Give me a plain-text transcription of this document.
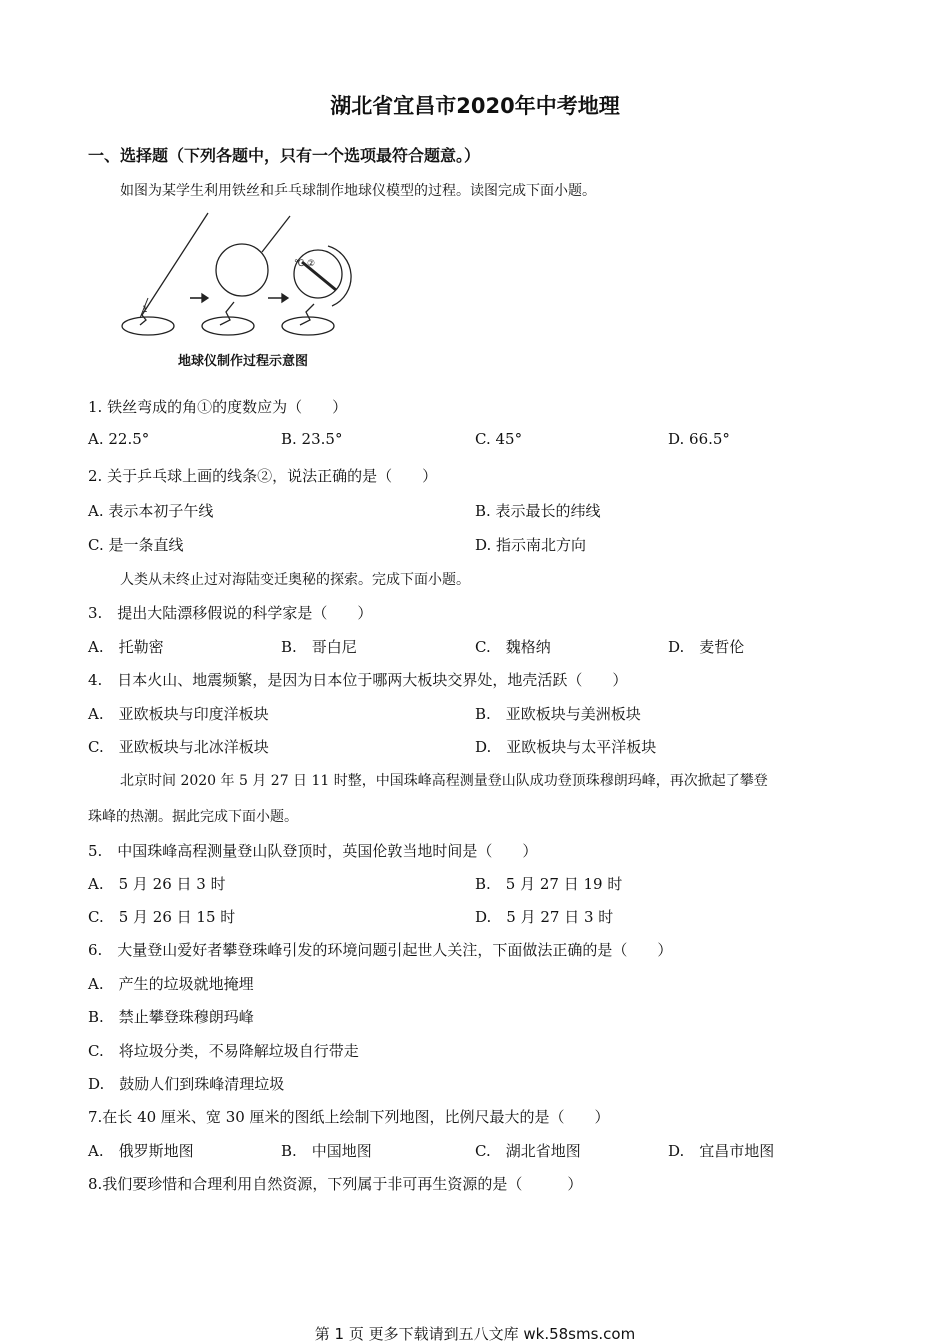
湖北省宜昌市2020年中考地理
一、选择题（下列各题中，只有一个选项最符合题意。）
如图为某学生利用铁丝和乒乓球制作地球仪模型的过程。读图完成下面小题。
1
℃ ②
地球仪制作过程示意图
1. 铁丝弯成的角①的度数应为（　　）
A. 22.5°	B. 23.5°	C. 45°	D. 66.5°
2. 关于乒乓球上画的线条②，说法正确的是（　　）
A. 表示本初子午线	B. 表示最长的纬线
C. 是一条直线	D. 指示南北方向
人类从未终止过对海陆变迁奥秘的探索。完成下面小题。
3.　提出大陆漂移假说的科学家是（　　）
A.　托勒密	B.　哥白尼	C.　魏格纳	D.　麦哲伦
4.　日本火山、地震频繁，是因为日本位于哪两大板块交界处，地壳活跃（　　）
A.　亚欧板块与印度洋板块	B.　亚欧板块与美洲板块
C.　亚欧板块与北冰洋板块	D.　亚欧板块与太平洋板块
北京时间 2020 年 5 月 27 日 11 时整，中国珠峰高程测量登山队成功登顶珠穆朗玛峰，再次掀起了攀登
珠峰的热潮。据此完成下面小题。
5.　中国珠峰高程测量登山队登顶时，英国伦敦当地时间是（　　）
A.　5 月 26 日 3 时	B.　5 月 27 日 19 时
C.　5 月 26 日 15 时	D.　5 月 27 日 3 时
6.　大量登山爱好者攀登珠峰引发的环境问题引起世人关注，下面做法正确的是（　　）
A.　产生的垃圾就地掩埋
B.　禁止攀登珠穆朗玛峰
C.　将垃圾分类，不易降解垃圾自行带走
D.　鼓励人们到珠峰清理垃圾
7.在长 40 厘米、宽 30 厘米的图纸上绘制下列地图，比例尺最大的是（　　）
A.　俄罗斯地图	B.　中国地图	C.　湖北省地图	D.　宜昌市地图
8.我们要珍惜和合理利用自然资源，下列属于非可再生资源的是（　　　）
第 1 页 更多下载请到五八文库 wk.58sms.com
